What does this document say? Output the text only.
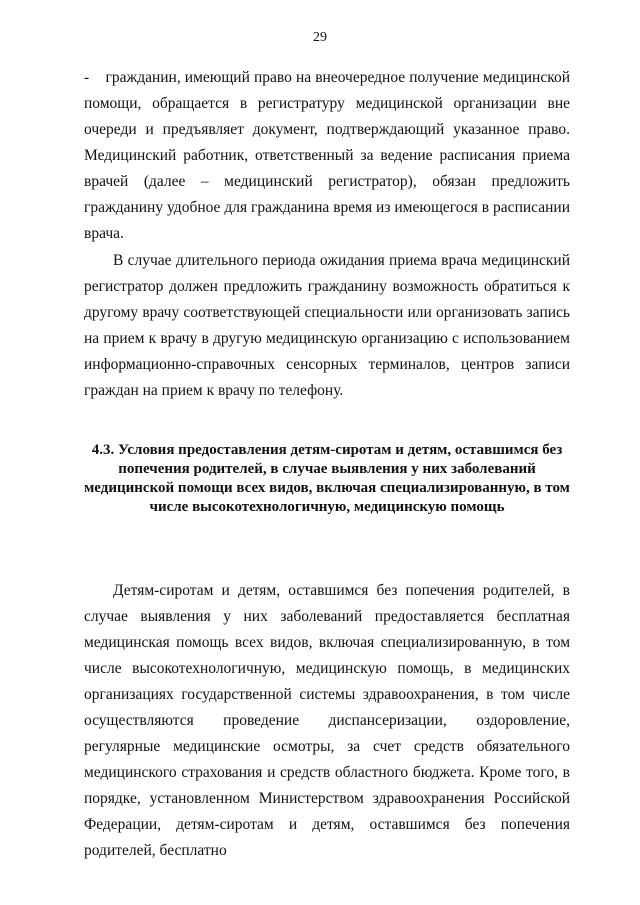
29

-    гражданин, имеющий право на внеочередное получение медицинской помощи, обращается в регистратуру медицинской организации вне очереди и предъявляет документ, подтверждающий указанное право. Медицинский работник, ответственный за ведение расписания приема врачей (далее – медицинский регистратор), обязан предложить гражданину удобное для гражданина время из имеющегося в расписании врача.

В случае длительного периода ожидания приема врача медицинский регистратор должен предложить гражданину возможность обратиться к другому врачу соответствующей специальности или организовать запись на прием к врачу в другую медицинскую организацию с использованием информационно-справочных сенсорных терминалов, центров записи граждан на прием к врачу по телефону.

4.3. Условия предоставления детям-сиротам и детям, оставшимся без попечения родителей, в случае выявления у них заболеваний медицинской помощи всех видов, включая специализированную, в том числе высокотехнологичную, медицинскую помощь

Детям-сиротам и детям, оставшимся без попечения родителей, в случае выявления у них заболеваний предоставляется бесплатная медицинская помощь всех видов, включая специализированную, в том числе высокотехнологичную, медицинскую помощь, в медицинских организациях государственной системы здравоохранения, в том числе осуществляются проведение диспансеризации, оздоровление, регулярные медицинские осмотры, за счет средств обязательного медицинского страхования и средств областного бюджета. Кроме того, в порядке, установленном Министерством здравоохранения Российской Федерации, детям-сиротам и детям, оставшимся без попечения родителей, бесплатно
